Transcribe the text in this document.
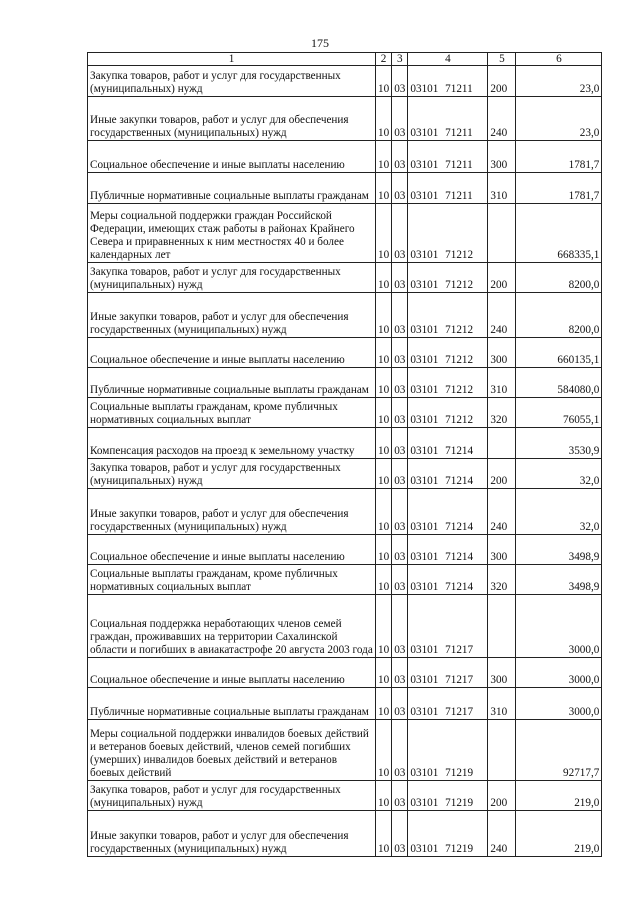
175
1	2	3	4	5	6
Закупка товаров, работ и услуг для государственных (муниципальных) нужд	10	03	03101 71211	200	23,0
Иные закупки товаров, работ и услуг для обеспечения государственных (муниципальных) нужд	10	03	03101 71211	240	23,0
Социальное обеспечение и иные выплаты населению	10	03	03101 71211	300	1781,7
Публичные нормативные социальные выплаты гражданам	10	03	03101 71211	310	1781,7
Меры социальной поддержки граждан Российской Федерации, имеющих стаж работы в районах Крайнего Севера и приравненных к ним местностях 40 и более календарных лет	10	03	03101 71212		668335,1
Закупка товаров, работ и услуг для государственных (муниципальных) нужд	10	03	03101 71212	200	8200,0
Иные закупки товаров, работ и услуг для обеспечения государственных (муниципальных) нужд	10	03	03101 71212	240	8200,0
Социальное обеспечение и иные выплаты населению	10	03	03101 71212	300	660135,1
Публичные нормативные социальные выплаты гражданам	10	03	03101 71212	310	584080,0
Социальные выплаты гражданам, кроме публичных нормативных социальных выплат	10	03	03101 71212	320	76055,1
Компенсация расходов на проезд к земельному участку	10	03	03101 71214		3530,9
Закупка товаров, работ и услуг для государственных (муниципальных) нужд	10	03	03101 71214	200	32,0
Иные закупки товаров, работ и услуг для обеспечения государственных (муниципальных) нужд	10	03	03101 71214	240	32,0
Социальное обеспечение и иные выплаты населению	10	03	03101 71214	300	3498,9
Социальные выплаты гражданам, кроме публичных нормативных социальных выплат	10	03	03101 71214	320	3498,9
Социальная поддержка неработающих членов семей граждан, проживавших на территории Сахалинской области и погибших в авиакатастрофе 20 августа 2003 года	10	03	03101 71217		3000,0
Социальное обеспечение и иные выплаты населению	10	03	03101 71217	300	3000,0
Публичные нормативные социальные выплаты гражданам	10	03	03101 71217	310	3000,0
Меры социальной поддержки инвалидов боевых действий и ветеранов боевых действий, членов семей погибших (умерших) инвалидов боевых действий и ветеранов боевых действий	10	03	03101 71219		92717,7
Закупка товаров, работ и услуг для государственных (муниципальных) нужд	10	03	03101 71219	200	219,0
Иные закупки товаров, работ и услуг для обеспечения государственных (муниципальных) нужд	10	03	03101 71219	240	219,0
